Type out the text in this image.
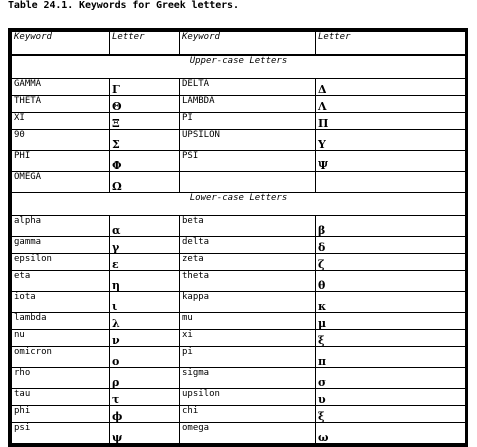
Table 24.1. Keywords for Greek letters.

Keyword	Letter	Keyword	Letter
Upper-case Letters			
GAMMA	Γ	DELTA	Δ
THETA	Θ	LAMBDA	Λ
XI	Ξ	PI	Π
90	Σ	UPSILON	Υ
PHI	Φ	PSI	Ψ
OMEGA	Ω		
Lower-case Letters			
alpha	α	beta	β
gamma	γ	delta	δ
epsilon	ε	zeta	ζ
eta	η	theta	θ
iota	ι	kappa	κ
lambda	λ	mu	μ
nu	ν	xi	ξ
omicron	ο	pi	π
rho	ρ	sigma	σ
tau	τ	upsilon	υ
phi	ϕ	chi	ξ
psi	ψ	omega	ω
